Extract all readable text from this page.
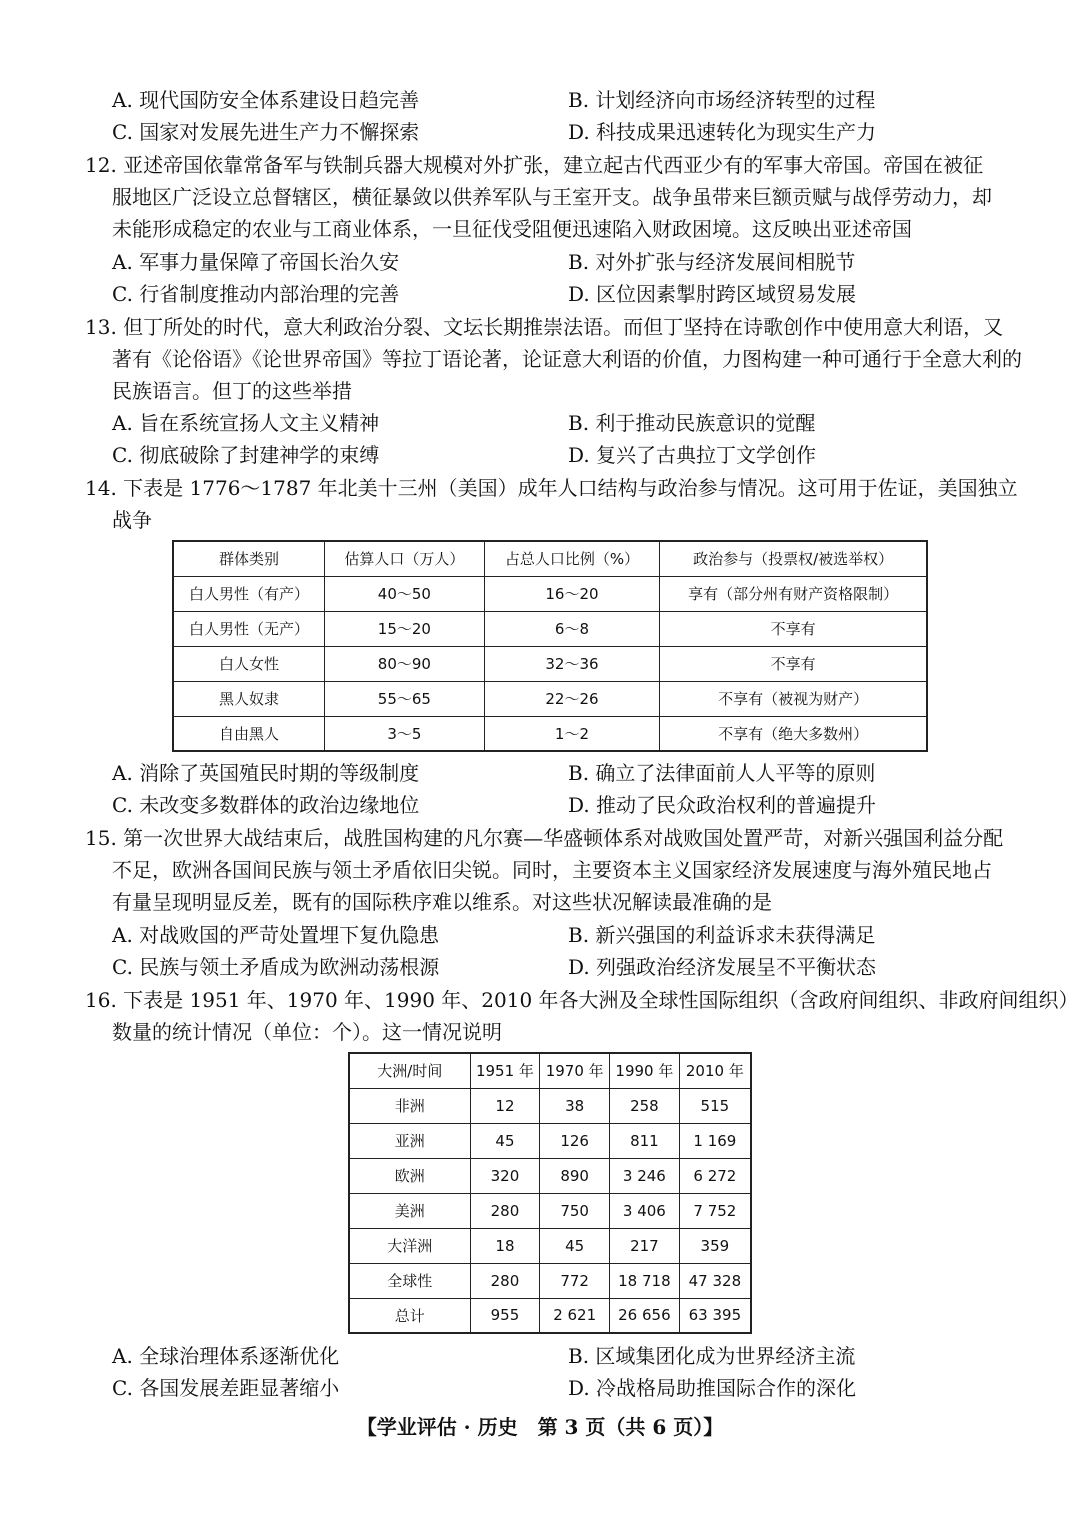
A. 现代国防安全体系建设日趋完善	B. 计划经济向市场经济转型的过程
C. 国家对发展先进生产力不懈探索	D. 科技成果迅速转化为现实生产力
12. 亚述帝国依靠常备军与铁制兵器大规模对外扩张，建立起古代西亚少有的军事大帝国。帝国在被征
服地区广泛设立总督辖区，横征暴敛以供养军队与王室开支。战争虽带来巨额贡赋与战俘劳动力，却
未能形成稳定的农业与工商业体系，一旦征伐受阻便迅速陷入财政困境。这反映出亚述帝国
A. 军事力量保障了帝国长治久安	B. 对外扩张与经济发展间相脱节
C. 行省制度推动内部治理的完善	D. 区位因素掣肘跨区域贸易发展
13. 但丁所处的时代，意大利政治分裂、文坛长期推崇法语。而但丁坚持在诗歌创作中使用意大利语，又
著有《论俗语》《论世界帝国》等拉丁语论著，论证意大利语的价值，力图构建一种可通行于全意大利的
民族语言。但丁的这些举措
A. 旨在系统宣扬人文主义精神	B. 利于推动民族意识的觉醒
C. 彻底破除了封建神学的束缚	D. 复兴了古典拉丁文学创作
14. 下表是 1776～1787 年北美十三州（美国）成年人口结构与政治参与情况。这可用于佐证，美国独立
战争
群体类别	估算人口（万人）	占总人口比例（%）	政治参与（投票权/被选举权）
白人男性（有产）	40～50	16～20	享有（部分州有财产资格限制）
白人男性（无产）	15～20	6～8	不享有
白人女性	80～90	32～36	不享有
黑人奴隶	55～65	22～26	不享有（被视为财产）
自由黑人	3～5	1～2	不享有（绝大多数州）
A. 消除了英国殖民时期的等级制度	B. 确立了法律面前人人平等的原则
C. 未改变多数群体的政治边缘地位	D. 推动了民众政治权利的普遍提升
15. 第一次世界大战结束后，战胜国构建的凡尔赛—华盛顿体系对战败国处置严苛，对新兴强国利益分配
不足，欧洲各国间民族与领土矛盾依旧尖锐。同时，主要资本主义国家经济发展速度与海外殖民地占
有量呈现明显反差，既有的国际秩序难以维系。对这些状况解读最准确的是
A. 对战败国的严苛处置埋下复仇隐患	B. 新兴强国的利益诉求未获得满足
C. 民族与领土矛盾成为欧洲动荡根源	D. 列强政治经济发展呈不平衡状态
16. 下表是 1951 年、1970 年、1990 年、2010 年各大洲及全球性国际组织（含政府间组织、非政府间组织）
数量的统计情况（单位：个）。这一情况说明
大洲/时间	1951 年	1970 年	1990 年	2010 年
非洲	12	38	258	515
亚洲	45	126	811	1 169
欧洲	320	890	3 246	6 272
美洲	280	750	3 406	7 752
大洋洲	18	45	217	359
全球性	280	772	18 718	47 328
总计	955	2 621	26 656	63 395
A. 全球治理体系逐渐优化	B. 区域集团化成为世界经济主流
C. 各国发展差距显著缩小	D. 冷战格局助推国际合作的深化
【学业评估 · 历史　第 3 页（共 6 页）】
